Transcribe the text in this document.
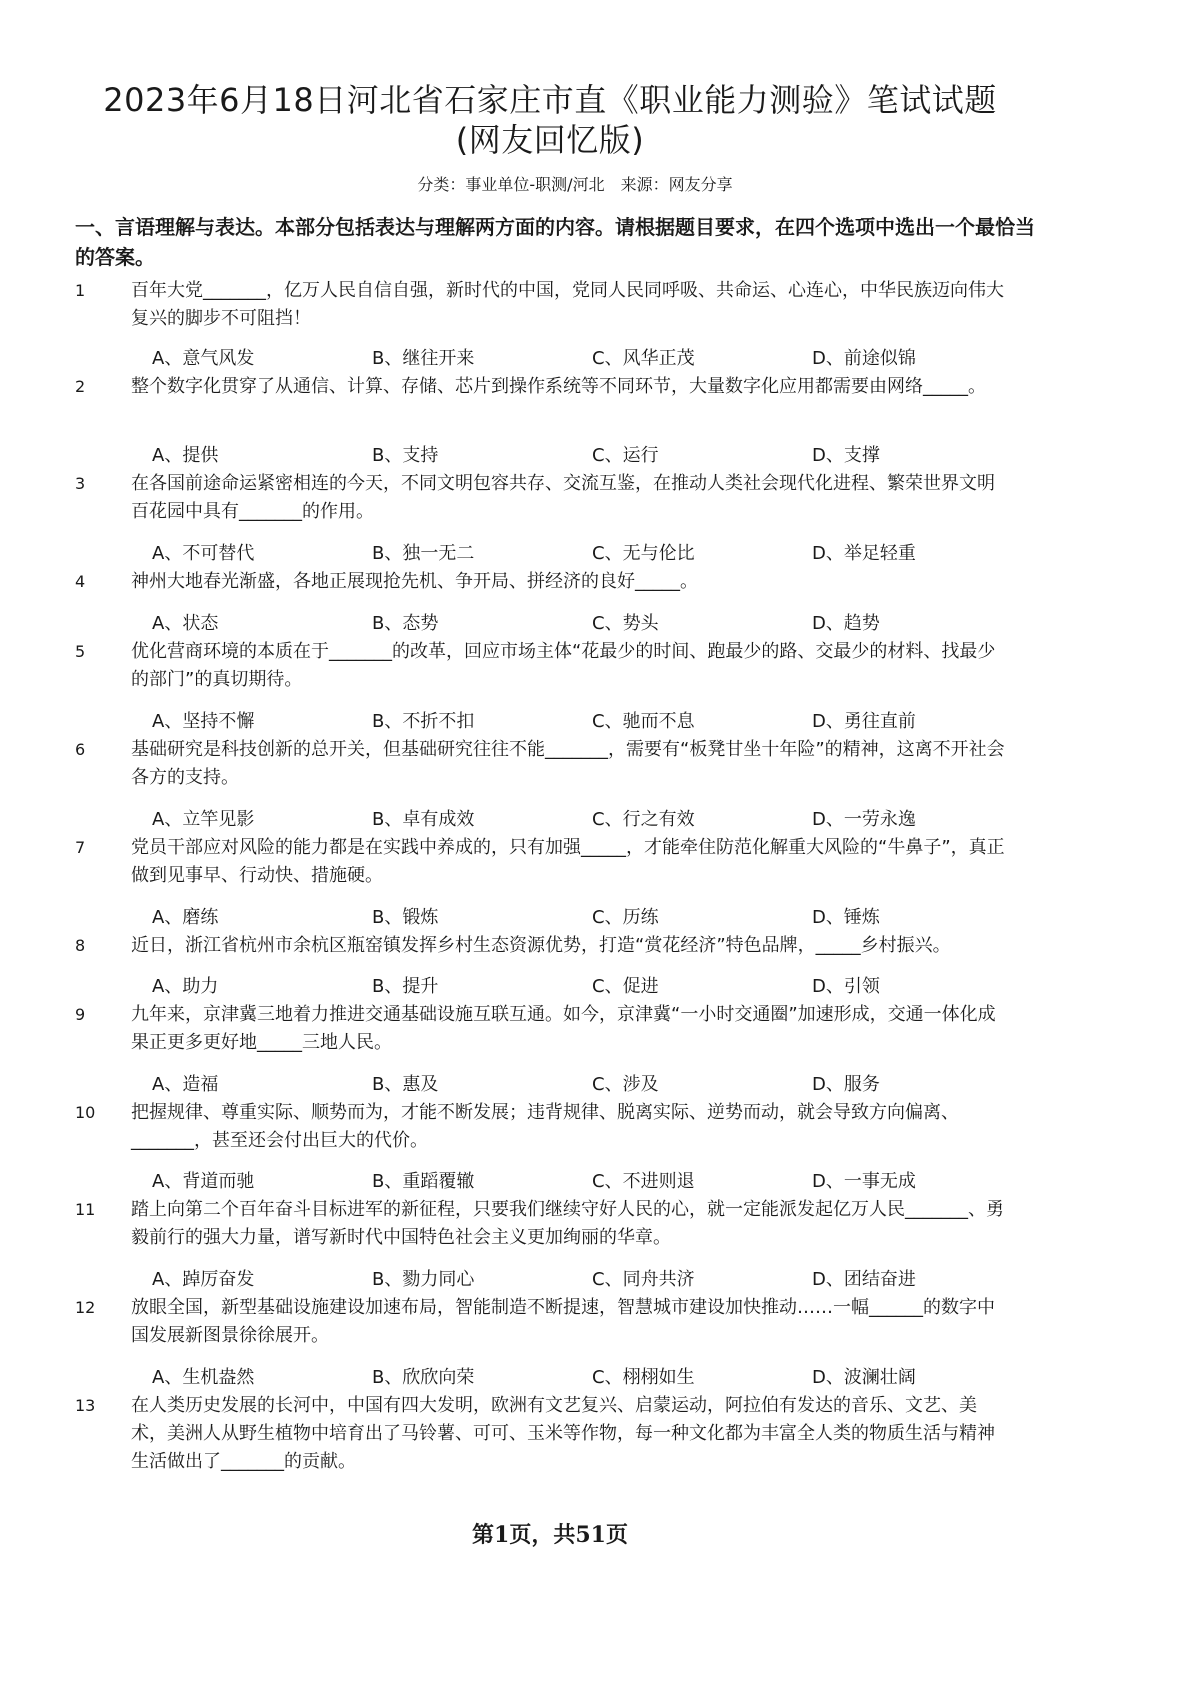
2023年6月18日河北省石家庄市直《职业能力测验》笔试试题
(网友回忆版)
分类：事业单位-职测/河北　来源：网友分享
一、言语理解与表达。本部分包括表达与理解两方面的内容。请根据题目要求，在四个选项中选出一个最恰当的答案。
1	百年大党_______，亿万人民自信自强，新时代的中国，党同人民同呼吸、共命运、心连心，中华民族迈向伟大复兴的脚步不可阻挡！
A、意气风发	B、继往开来	C、风华正茂	D、前途似锦
2	整个数字化贯穿了从通信、计算、存储、芯片到操作系统等不同环节，大量数字化应用都需要由网络_____。
A、提供	B、支持	C、运行	D、支撑
3	在各国前途命运紧密相连的今天，不同文明包容共存、交流互鉴，在推动人类社会现代化进程、繁荣世界文明百花园中具有_______的作用。
A、不可替代	B、独一无二	C、无与伦比	D、举足轻重
4	神州大地春光渐盛，各地正展现抢先机、争开局、拼经济的良好_____。
A、状态	B、态势	C、势头	D、趋势
5	优化营商环境的本质在于_______的改革，回应市场主体“花最少的时间、跑最少的路、交最少的材料、找最少的部门”的真切期待。
A、坚持不懈	B、不折不扣	C、驰而不息	D、勇往直前
6	基础研究是科技创新的总开关，但基础研究往往不能_______，需要有“板凳甘坐十年险”的精神，这离不开社会各方的支持。
A、立竿见影	B、卓有成效	C、行之有效	D、一劳永逸
7	党员干部应对风险的能力都是在实践中养成的，只有加强_____，才能牵住防范化解重大风险的“牛鼻子”，真正做到见事早、行动快、措施硬。
A、磨练	B、锻炼	C、历练	D、锤炼
8	近日，浙江省杭州市余杭区瓶窑镇发挥乡村生态资源优势，打造“赏花经济”特色品牌，_____乡村振兴。
A、助力	B、提升	C、促进	D、引领
9	九年来，京津冀三地着力推进交通基础设施互联互通。如今，京津冀“一小时交通圈”加速形成，交通一体化成果正更多更好地_____三地人民。
A、造福	B、惠及	C、涉及	D、服务
10	把握规律、尊重实际、顺势而为，才能不断发展；违背规律、脱离实际、逆势而动，就会导致方向偏离、_______，甚至还会付出巨大的代价。
A、背道而驰	B、重蹈覆辙	C、不进则退	D、一事无成
11	踏上向第二个百年奋斗目标进军的新征程，只要我们继续守好人民的心，就一定能派发起亿万人民_______、勇毅前行的强大力量，谱写新时代中国特色社会主义更加绚丽的华章。
A、踔厉奋发	B、勠力同心	C、同舟共济	D、团结奋进
12	放眼全国，新型基础设施建设加速布局，智能制造不断提速，智慧城市建设加快推动……一幅______的数字中国发展新图景徐徐展开。
A、生机盎然	B、欣欣向荣	C、栩栩如生	D、波澜壮阔
13	在人类历史发展的长河中，中国有四大发明，欧洲有文艺复兴、启蒙运动，阿拉伯有发达的音乐、文艺、美术，美洲人从野生植物中培育出了马铃薯、可可、玉米等作物，每一种文化都为丰富全人类的物质生活与精神生活做出了_______的贡献。
第1页，共51页
